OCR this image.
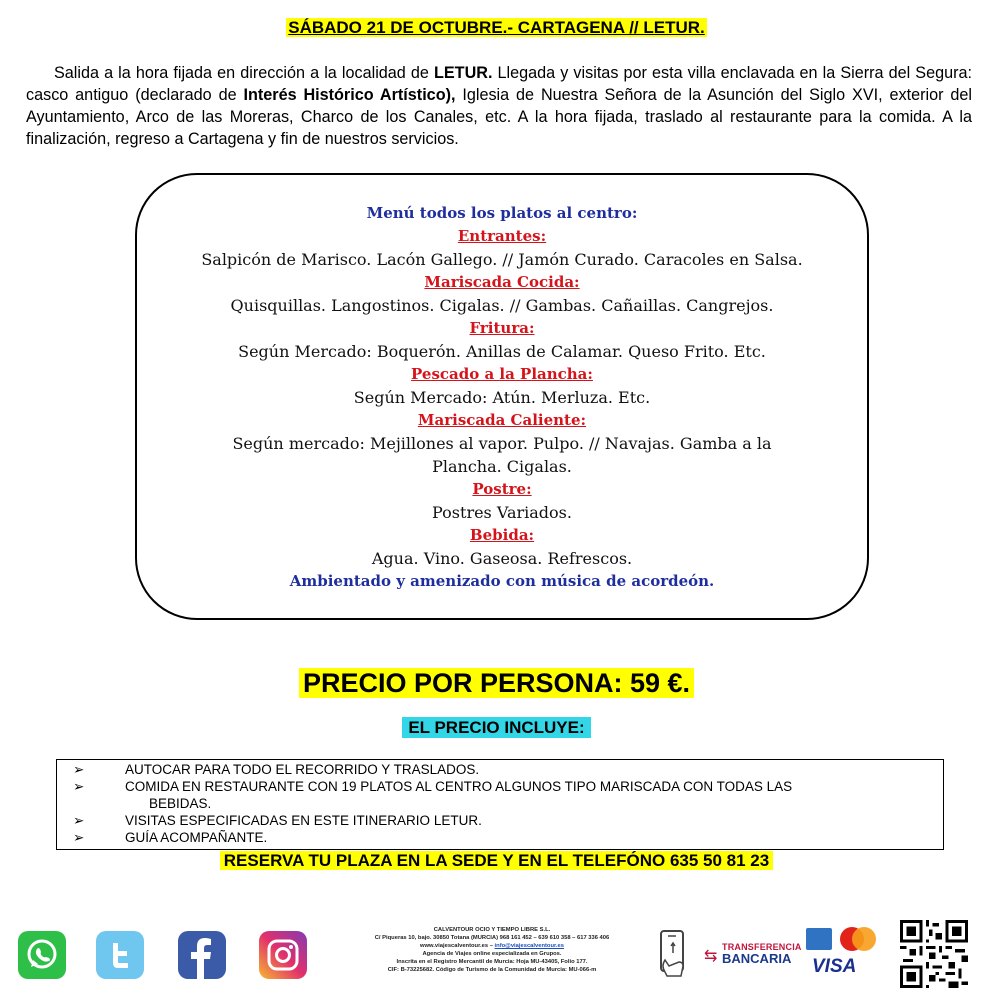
SÁBADO 21 DE OCTUBRE.- CARTAGENA // LETUR.

Salida a la hora fijada en dirección a la localidad de LETUR. Llegada y visitas por esta villa enclavada en la Sierra del Segura: casco antiguo (declarado de Interés Histórico Artístico), Iglesia de Nuestra Señora de la Asunción del Siglo XVI, exterior del Ayuntamiento, Arco de las Moreras, Charco de los Canales, etc. A la hora fijada, traslado al restaurante para la comida. A la finalización, regreso a Cartagena y fin de nuestros servicios.

Menú todos los platos al centro:
Entrantes:
Salpicón de Marisco. Lacón Gallego. // Jamón Curado. Caracoles en Salsa.
Mariscada Cocida:
Quisquillas. Langostinos. Cigalas. // Gambas. Cañaillas. Cangrejos.
Fritura:
Según Mercado: Boquerón. Anillas de Calamar. Queso Frito. Etc.
Pescado a la Plancha:
Según Mercado: Atún. Merluza. Etc.
Mariscada Caliente:
Según mercado: Mejillones al vapor. Pulpo. // Navajas. Gamba a la Plancha. Cigalas.
Postre:
Postres Variados.
Bebida:
Agua. Vino. Gaseosa. Refrescos.
Ambientado y amenizado con música de acordeón.
PRECIO POR PERSONA: 59 €.
EL PRECIO INCLUYE:
➢	AUTOCAR PARA TODO EL RECORRIDO Y TRASLADOS.
➢	COMIDA EN RESTAURANTE CON 19 PLATOS AL CENTRO ALGUNOS TIPO MARISCADA CON TODAS LAS
BEBIDAS.
➢	VISITAS ESPECIFICADAS EN ESTE ITINERARIO LETUR.
➢	GUÍA ACOMPAÑANTE.
RESERVA TU PLAZA EN LA SEDE Y EN EL TELEFÓNO 635 50 81 23
CALVENTOUR OCIO Y TIEMPO LIBRE S.L.
C/ Piqueras 10, bajo. 30850 Totana (MURCIA) 968 161 452 – 639 610 358 – 617 336 406
www.viajescalventour.es – info@viajescalventour.es
Agencia de Viajes online especializada en Grupos.
Inscrita en el Registro Mercantil de Murcia: Hoja MU-43405, Folio 177.
CIF: B-73225682. Código de Turismo de la Comunidad de Murcia: MU-066-m
⇆
TRANSFERENCIA
BANCARIA VISA
